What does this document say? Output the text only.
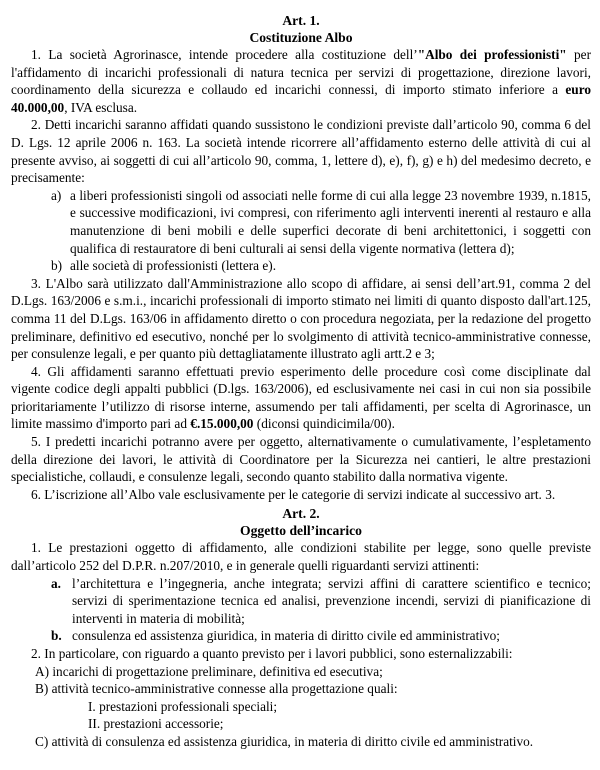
Art. 1.
Costituzione Albo

1. La società Agrorinasce, intende procedere alla costituzione dell’"Albo dei professionisti" per l'affidamento di incarichi professionali di natura tecnica per servizi di progettazione, direzione lavori, coordinamento della sicurezza e collaudo ed incarichi connessi, di importo stimato inferiore a euro 40.000,00, IVA esclusa.

2. Detti incarichi saranno affidati quando sussistono le condizioni previste dall’articolo 90, comma 6 del D. Lgs. 12 aprile 2006 n. 163. La società intende ricorrere all’affidamento esterno delle attività di cui al presente avviso, ai soggetti di cui all’articolo 90, comma, 1, lettere d), e), f), g) e h) del medesimo decreto, e precisamente:

a) a liberi professionisti singoli od associati nelle forme di cui alla legge 23 novembre 1939, n.1815, e successive modificazioni, ivi compresi, con riferimento agli interventi inerenti al restauro e alla manutenzione di beni mobili e delle superfici decorate di beni architettonici, i soggetti con qualifica di restauratore di beni culturali ai sensi della vigente normativa (lettera d);
b) alle società di professionisti (lettera e).

3. L'Albo sarà utilizzato dall'Amministrazione allo scopo di affidare, ai sensi dell’art.91, comma 2 del D.Lgs. 163/2006 e s.m.i., incarichi professionali di importo stimato nei limiti di quanto disposto dall'art.125, comma 11 del D.Lgs. 163/06 in affidamento diretto o con procedura negoziata, per la redazione del progetto preliminare, definitivo ed esecutivo, nonché per lo svolgimento di attività tecnico-amministrative connesse, per consulenze legali, e per quanto più dettagliatamente illustrato agli artt.2 e 3;

4. Gli affidamenti saranno effettuati previo esperimento delle procedure così come disciplinate dal vigente codice degli appalti pubblici (D.lgs. 163/2006), ed esclusivamente nei casi in cui non sia possibile prioritariamente l’utilizzo di risorse interne, assumendo per tali affidamenti, per scelta di Agrorinasce, un limite massimo d'importo pari ad €.15.000,00 (diconsi quindicimila/00).

5. I predetti incarichi potranno avere per oggetto, alternativamente o cumulativamente, l’espletamento della direzione dei lavori, le attività di Coordinatore per la Sicurezza nei cantieri, le altre prestazioni specialistiche, collaudi, e consulenze legali, secondo quanto stabilito dalla normativa vigente.

6. L’iscrizione all’Albo vale esclusivamente per le categorie di servizi indicate al successivo art. 3.

Art. 2.
Oggetto dell’incarico

1. Le prestazioni oggetto di affidamento, alle condizioni stabilite per legge, sono quelle previste dall’articolo 252 del D.P.R. n.207/2010, e in generale quelli riguardanti servizi attinenti:

a. l’architettura e l’ingegneria, anche integrata; servizi affini di carattere scientifico e tecnico; servizi di sperimentazione tecnica ed analisi, prevenzione incendi, servizi di pianificazione di interventi in materia di mobilità;
b. consulenza ed assistenza giuridica, in materia di diritto civile ed amministrativo;

2. In particolare, con riguardo a quanto previsto per i lavori pubblici, sono esternalizzabili:

A) incarichi di progettazione preliminare, definitiva ed esecutiva;

B) attività tecnico-amministrative connesse alla progettazione quali:

I. prestazioni professionali speciali;

II. prestazioni accessorie;

C) attività di consulenza ed assistenza giuridica, in materia di diritto civile ed amministrativo.
